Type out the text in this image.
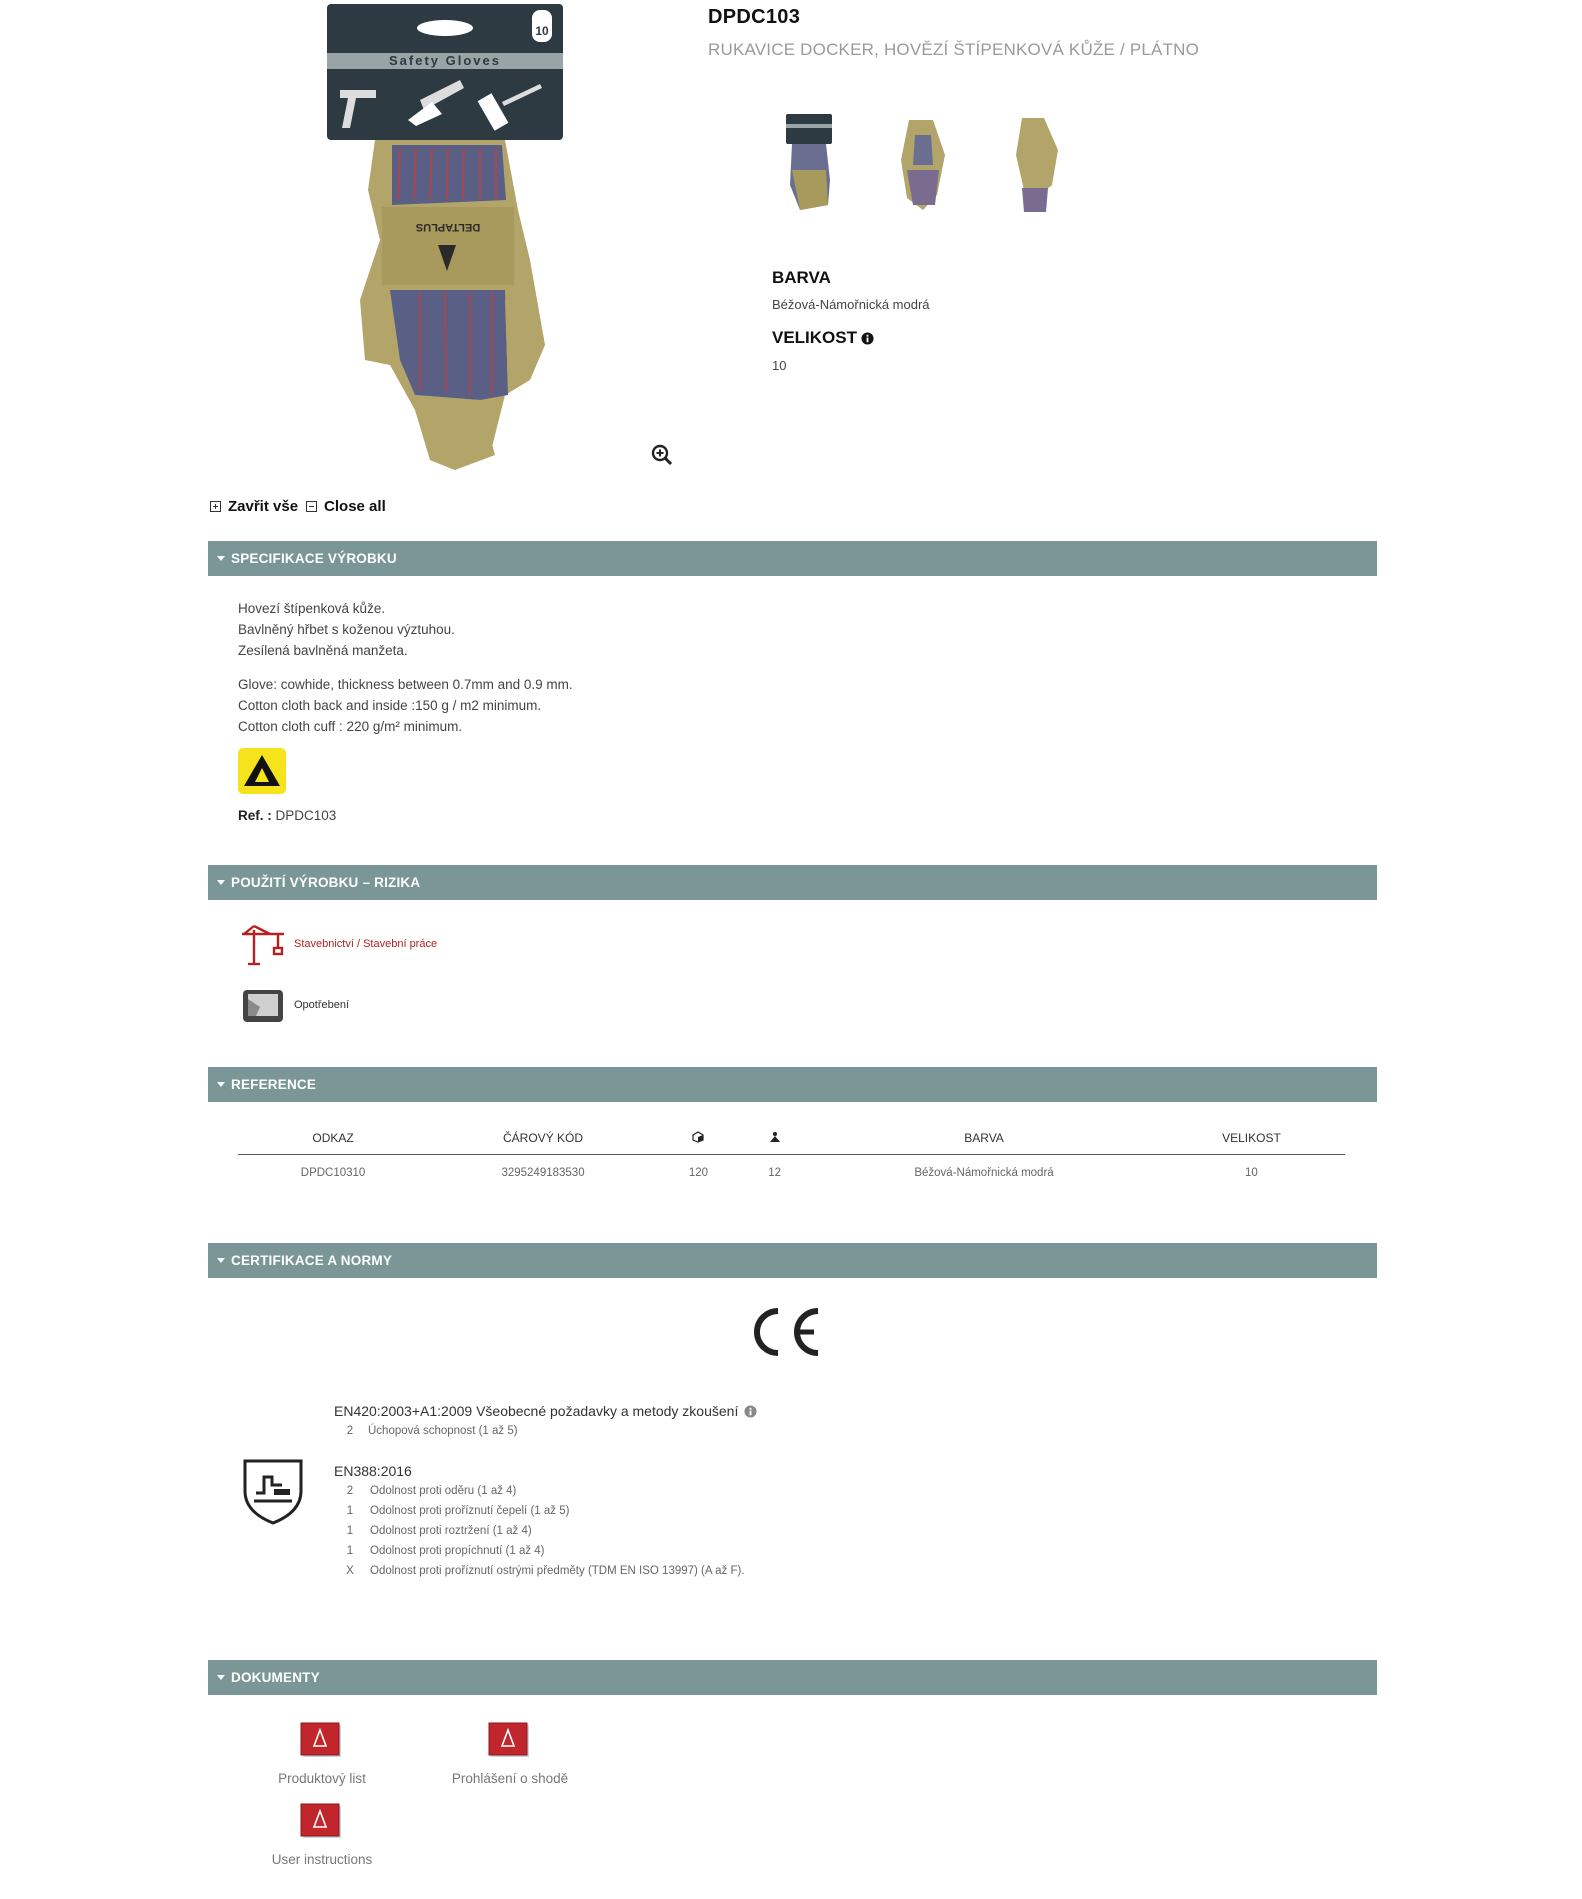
Safety Gloves
10
DELTAPLUS
DPDC103
RUKAVICE DOCKER, HOVĚZÍ ŠTÍPENKOVÁ KŮŽE / PLÁTNO
BARVA
Béžová-Námořnická modrá
VELIKOST
10
Zavřit vše Close all
SPECIFIKACE VÝROBKU

Hovezí štípenková kůže.

Bavlněný hřbet s koženou výztuhou.

Zesílená bavlněná manžeta.

Glove: cowhide, thickness between 0.7mm and 0.9 mm.

Cotton cloth back and inside :150 g / m2 minimum.

Cotton cloth cuff : 220 g/m² minimum.

Ref. : DPDC103
POUŽITÍ VÝROBKU – RIZIKA
Stavebnictví / Stavební práce
Opotřebení
REFERENCE
ODKAZ	ČÁROVÝ KÓD			BARVA	VELIKOST
DPDC10310	3295249183530	120	12	Béžová-Námořnická modrá	10
CERTIFIKACE A NORMY
EN420:2003+A1:2009 Všeobecné požadavky a metody zkoušení
2	Úchopová schopnost (1 až 5)
EN388:2016
2	Odolnost proti oděru (1 až 4)
1	Odolnost proti proříznutí čepelí (1 až 5)
1	Odolnost proti roztržení (1 až 4)
1	Odolnost proti propíchnutí (1 až 4)
X	Odolnost proti proříznutí ostrými předměty (TDM EN ISO 13997) (A až F).
DOKUMENTY
Produktový list	Prohlášení o shodě
User instructions
